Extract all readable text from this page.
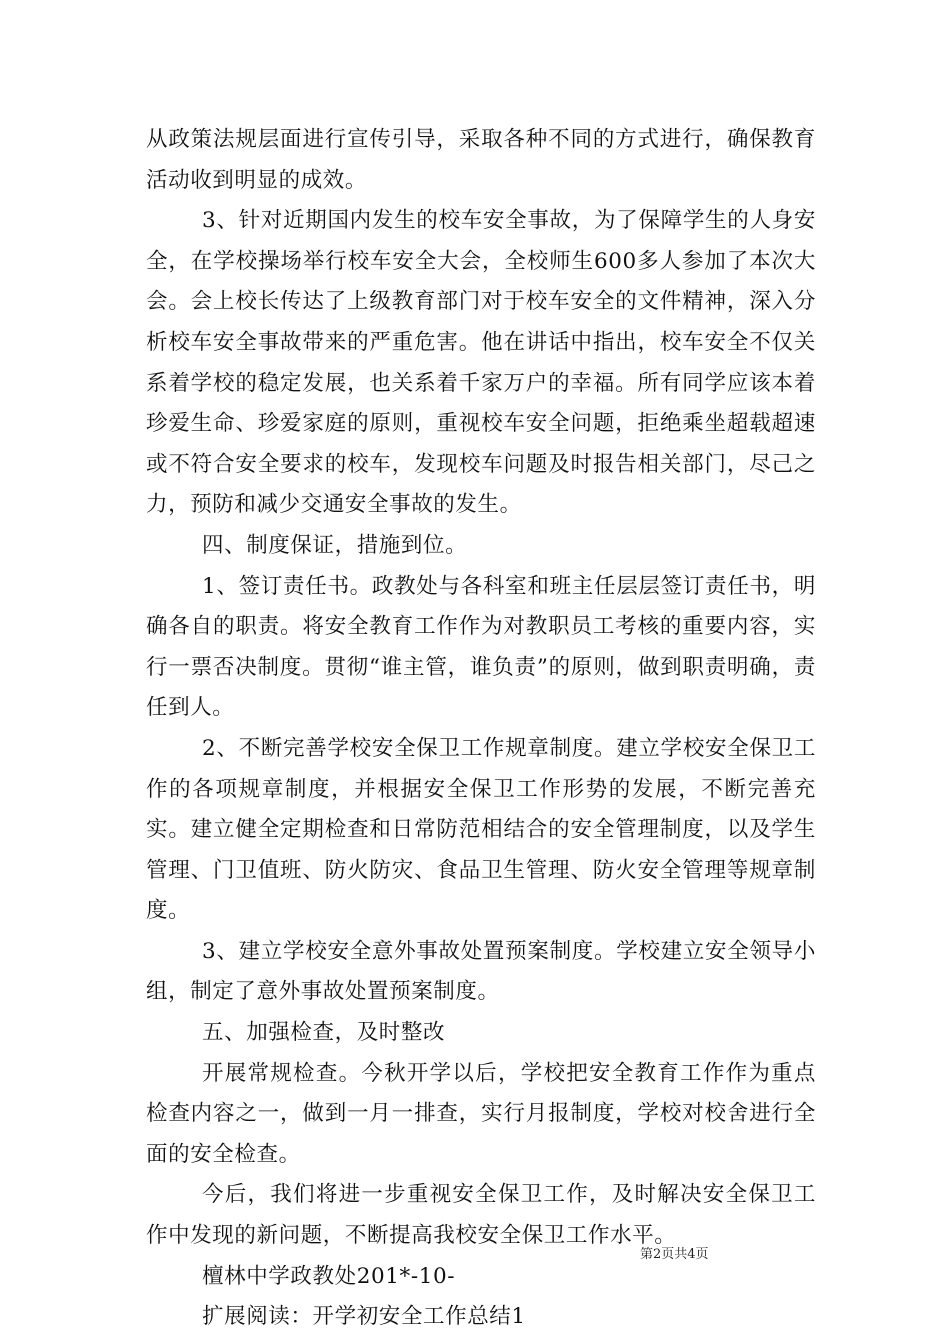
从政策法规层面进行宣传引导，采取各种不同的方式进行，确保教育活动收到明显的成效。

3、针对近期国内发生的校车安全事故，为了保障学生的人身安全，在学校操场举行校车安全大会，全校师生600多人参加了本次大会。会上校长传达了上级教育部门对于校车安全的文件精神，深入分析校车安全事故带来的严重危害。他在讲话中指出，校车安全不仅关系着学校的稳定发展，也关系着千家万户的幸福。所有同学应该本着珍爱生命、珍爱家庭的原则，重视校车安全问题，拒绝乘坐超载超速或不符合安全要求的校车，发现校车问题及时报告相关部门，尽己之力，预防和减少交通安全事故的发生。

四、制度保证，措施到位。

1、签订责任书。政教处与各科室和班主任层层签订责任书，明确各自的职责。将安全教育工作作为对教职员工考核的重要内容，实行一票否决制度。贯彻“谁主管，谁负责”的原则，做到职责明确，责任到人。

2、不断完善学校安全保卫工作规章制度。建立学校安全保卫工作的各项规章制度，并根据安全保卫工作形势的发展，不断完善充实。建立健全定期检查和日常防范相结合的安全管理制度，以及学生管理、门卫值班、防火防灾、食品卫生管理、防火安全管理等规章制度。

3、建立学校安全意外事故处置预案制度。学校建立安全领导小组，制定了意外事故处置预案制度。

五、加强检查，及时整改

开展常规检查。今秋开学以后，学校把安全教育工作作为重点检查内容之一，做到一月一排查，实行月报制度，学校对校舍进行全面的安全检查。

今后，我们将进一步重视安全保卫工作，及时解决安全保卫工作中发现的新问题，不断提高我校安全保卫工作水平。

檀林中学政教处201*-10-

扩展阅读：开学初安全工作总结1

第2页共4页
